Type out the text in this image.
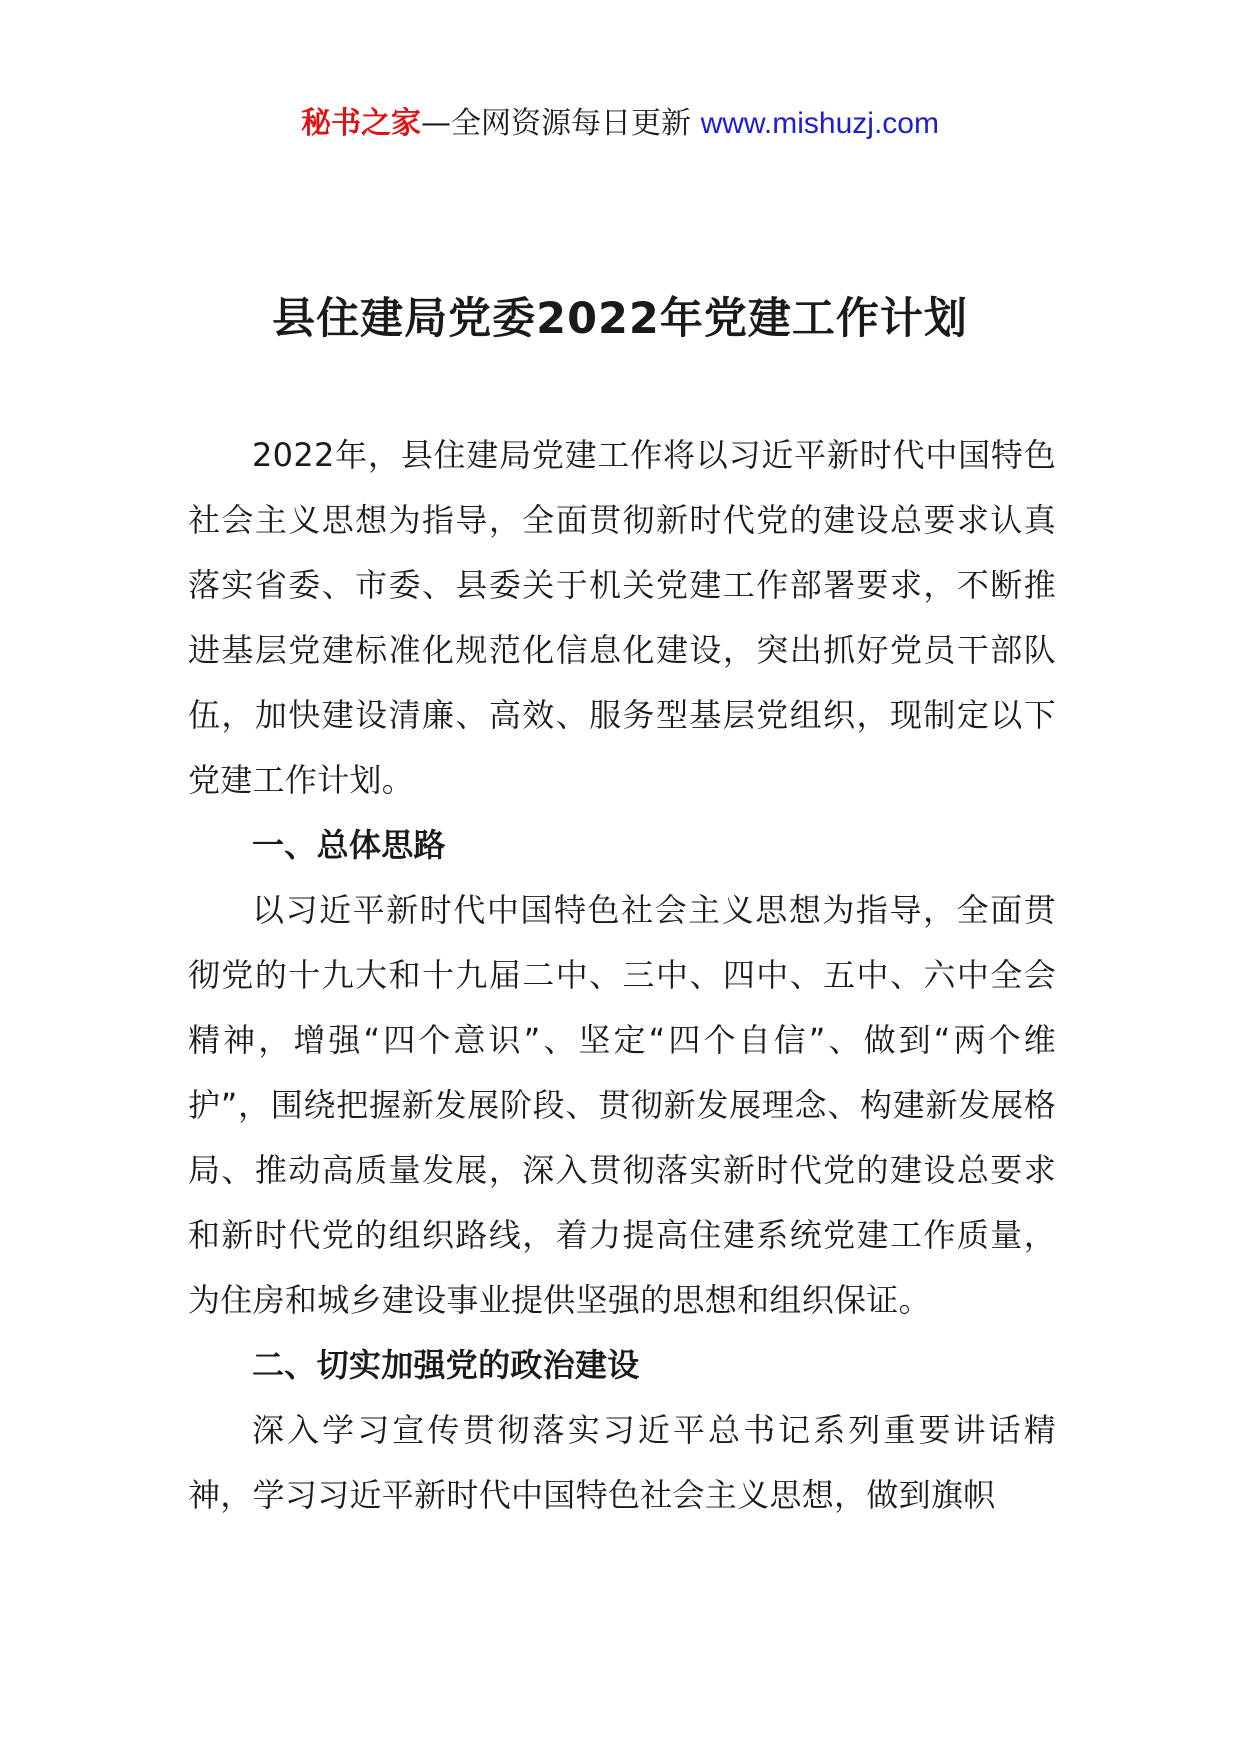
秘书之家—全网资源每日更新 www.mishuzj.com
县住建局党委2022年党建工作计划

2022年，县住建局党建工作将以习近平新时代中国特色社会主义思想为指导，全面贯彻新时代党的建设总要求认真落实省委、市委、县委关于机关党建工作部署要求，不断推进基层党建标准化规范化信息化建设，突出抓好党员干部队伍，加快建设清廉、高效、服务型基层党组织，现制定以下党建工作计划。

一、总体思路

以习近平新时代中国特色社会主义思想为指导，全面贯彻党的十九大和十九届二中、三中、四中、五中、六中全会精神，增强“四个意识”、坚定“四个自信”、做到“两个维护”，围绕把握新发展阶段、贯彻新发展理念、构建新发展格局、推动高质量发展，深入贯彻落实新时代党的建设总要求和新时代党的组织路线，着力提高住建系统党建工作质量，为住房和城乡建设事业提供坚强的思想和组织保证。

二、切实加强党的政治建设

深入学习宣传贯彻落实习近平总书记系列重要讲话精神，学习习近平新时代中国特色社会主义思想，做到旗帜
